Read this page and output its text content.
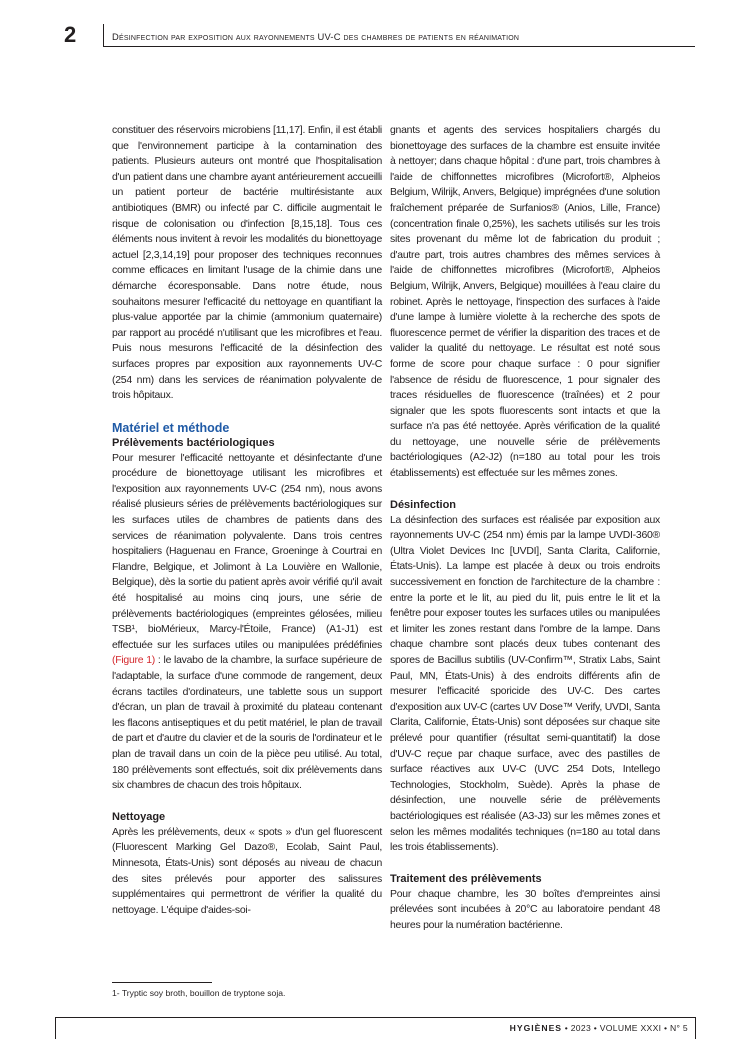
2	Désinfection par exposition aux rayonnements UV-C des chambres de patients en réanimation

constituer des réservoirs microbiens [11,17]. Enfin, il est établi que l'environnement participe à la contamination des patients. Plusieurs auteurs ont montré que l'hospitalisation d'un patient dans une chambre ayant antérieurement accueilli un patient porteur de bactérie multirésistante aux antibiotiques (BMR) ou infecté par C. difficile augmentait le risque de colonisation ou d'infection [8,15,18]. Tous ces éléments nous invitent à revoir les modalités du bionettoyage actuel [2,3,14,19] pour proposer des techniques reconnues comme efficaces en limitant l'usage de la chimie dans une démarche écoresponsable. Dans notre étude, nous souhaitons mesurer l'efficacité du nettoyage en quantifiant la plus-value apportée par la chimie (ammonium quaternaire) par rapport au procédé n'utilisant que les microfibres et l'eau. Puis nous mesurons l'efficacité de la désinfection des surfaces propres par exposition aux rayonnements UV-C (254 nm) dans les services de réanimation polyvalente de trois hôpitaux.

Matériel et méthode
Prélèvements bactériologiques

Pour mesurer l'efficacité nettoyante et désinfectante d'une procédure de bionettoyage utilisant les microfibres et l'exposition aux rayonnements UV-C (254 nm), nous avons réalisé plusieurs séries de prélèvements bactériologiques sur les surfaces utiles de chambres de patients dans des services de réanimation polyvalente. Dans trois centres hospitaliers (Haguenau en France, Groeninge à Courtrai en Flandre, Belgique, et Jolimont à La Louvière en Wallonie, Belgique), dès la sortie du patient après avoir vérifié qu'il avait été hospitalisé au moins cinq jours, une série de prélèvements bactériologiques (empreintes gélosées, milieu TSB¹, bioMérieux, Marcy-l'Étoile, France) (A1-J1) est effectuée sur les surfaces utiles ou manipulées prédéfinies (Figure 1) : le lavabo de la chambre, la surface supérieure de l'adaptable, la surface d'une commode de rangement, deux écrans tactiles d'ordinateurs, une tablette sous un support d'écran, un plan de travail à proximité du plateau contenant les flacons antiseptiques et du petit matériel, le plan de travail de part et d'autre du clavier et de la souris de l'ordinateur et le plan de travail dans un coin de la pièce peu utilisé. Au total, 180 prélèvements sont effectués, soit dix prélèvements dans six chambres de chacun des trois hôpitaux.

Nettoyage

Après les prélèvements, deux « spots » d'un gel fluorescent (Fluorescent Marking Gel Dazo®, Ecolab, Saint Paul, Minnesota, États-Unis) sont déposés au niveau de chacun des sites prélevés pour apporter des salissures supplémentaires qui permettront de vérifier la qualité du nettoyage. L'équipe d'aides-soi-

gnants et agents des services hospitaliers chargés du bionettoyage des surfaces de la chambre est ensuite invitée à nettoyer; dans chaque hôpital : d'une part, trois chambres à l'aide de chiffonnettes microfibres (Microfort®, Alpheios Belgium, Wilrijk, Anvers, Belgique) imprégnées d'une solution fraîchement préparée de Surfanios® (Anios, Lille, France) (concentration finale 0,25%), les sachets utilisés sur les trois sites provenant du même lot de fabrication du produit ; d'autre part, trois autres chambres des mêmes services à l'aide de chiffonnettes microfibres (Microfort®, Alpheios Belgium, Wilrijk, Anvers, Belgique) mouillées à l'eau claire du robinet. Après le nettoyage, l'inspection des surfaces à l'aide d'une lampe à lumière violette à la recherche des spots de fluorescence permet de vérifier la disparition des traces et de valider la qualité du nettoyage. Le résultat est noté sous forme de score pour chaque surface : 0 pour signifier l'absence de résidu de fluorescence, 1 pour signaler des traces résiduelles de fluorescence (traînées) et 2 pour signaler que les spots fluorescents sont intacts et que la surface n'a pas été nettoyée. Après vérification de la qualité du nettoyage, une nouvelle série de prélèvements bactériologiques (A2-J2) (n=180 au total pour les trois établissements) est effectuée sur les mêmes zones.

Désinfection

La désinfection des surfaces est réalisée par exposition aux rayonnements UV-C (254 nm) émis par la lampe UVDI-360® (Ultra Violet Devices Inc [UVDI], Santa Clarita, Californie, États-Unis). La lampe est placée à deux ou trois endroits successivement en fonction de l'architecture de la chambre : entre la porte et le lit, au pied du lit, puis entre le lit et la fenêtre pour exposer toutes les surfaces utiles ou manipulées et limiter les zones restant dans l'ombre de la lampe. Dans chaque chambre sont placés deux tubes contenant des spores de Bacillus subtilis (UV-Confirm™, Stratix Labs, Saint Paul, MN, États-Unis) à des endroits différents afin de mesurer l'efficacité sporicide des UV-C. Des cartes d'exposition aux UV-C (cartes UV Dose™ Verify, UVDI, Santa Clarita, Californie, États-Unis) sont déposées sur chaque site prélevé pour quantifier (résultat semi-quantitatif) la dose d'UV-C reçue par chaque surface, avec des pastilles de surface réactives aux UV-C (UVC 254 Dots, Intellego Technologies, Stockholm, Suède). Après la phase de désinfection, une nouvelle série de prélèvements bactériologiques est réalisée (A3-J3) sur les mêmes zones et selon les mêmes modalités techniques (n=180 au total dans les trois établissements).

Traitement des prélèvements

Pour chaque chambre, les 30 boîtes d'empreintes ainsi prélevées sont incubées à 20°C au laboratoire pendant 48 heures pour la numération bactérienne.

1- Tryptic soy broth, bouillon de tryptone soja.
HYGIÈNES • 2023 • VOLUME XXXI • N° 5
